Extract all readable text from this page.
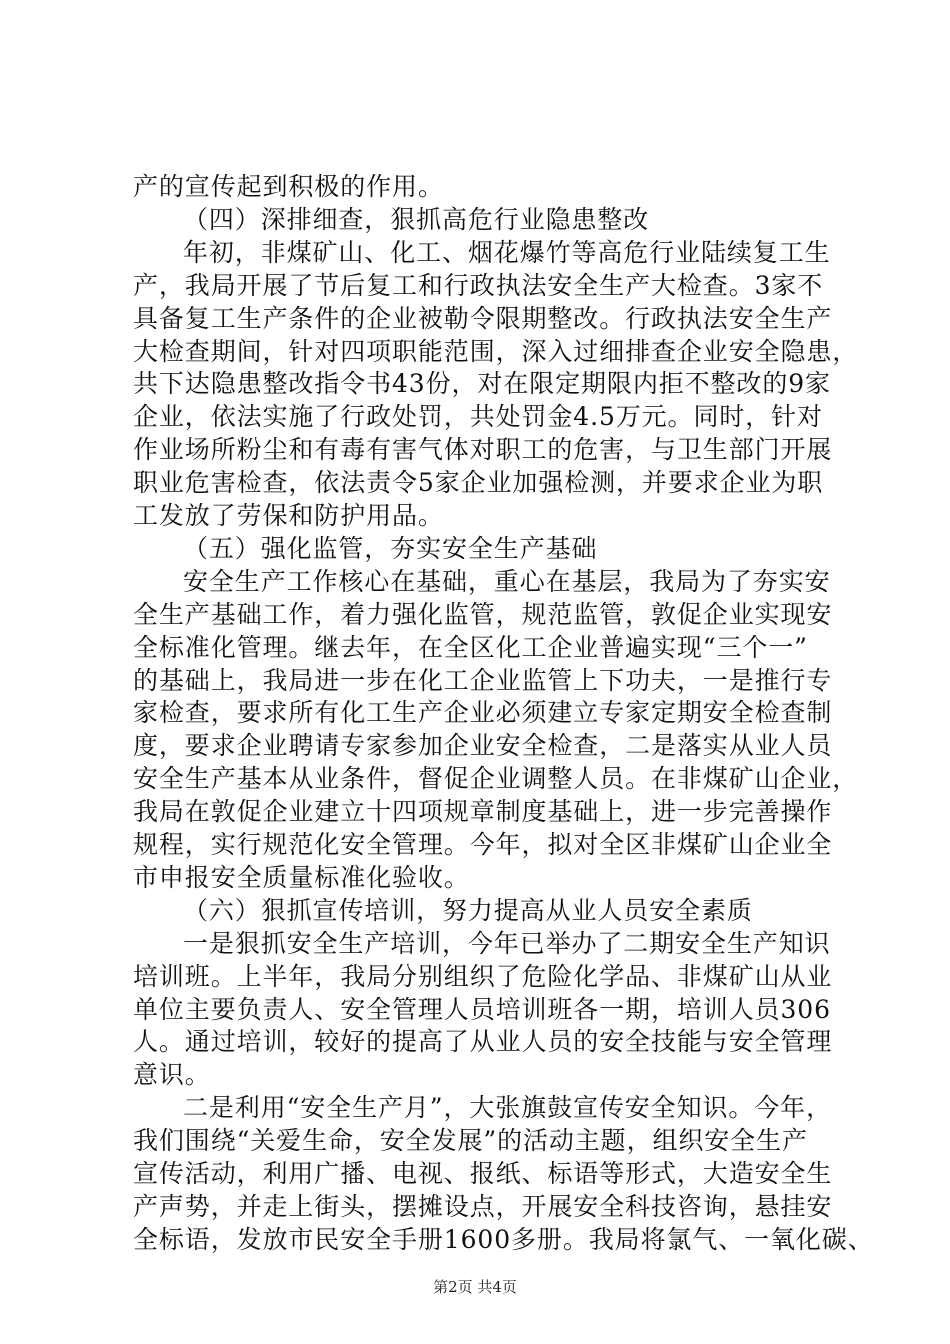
产的宣传起到积极的作用。
（四）深排细查，狠抓高危行业隐患整改
年初，非煤矿山、化工、烟花爆竹等高危行业陆续复工生
产，我局开展了节后复工和行政执法安全生产大检查。3家不
具备复工生产条件的企业被勒令限期整改。行政执法安全生产
大检查期间，针对四项职能范围，深入过细排查企业安全隐患，
共下达隐患整改指令书43份，对在限定期限内拒不整改的9家
企业，依法实施了行政处罚，共处罚金4.5万元。同时，针对
作业场所粉尘和有毒有害气体对职工的危害，与卫生部门开展
职业危害检查，依法责令5家企业加强检测，并要求企业为职
工发放了劳保和防护用品。
（五）强化监管，夯实安全生产基础
安全生产工作核心在基础，重心在基层，我局为了夯实安
全生产基础工作，着力强化监管，规范监管，敦促企业实现安
全标准化管理。继去年，在全区化工企业普遍实现“三个一”
的基础上，我局进一步在化工企业监管上下功夫，一是推行专
家检查，要求所有化工生产企业必须建立专家定期安全检查制
度，要求企业聘请专家参加企业安全检查，二是落实从业人员
安全生产基本从业条件，督促企业调整人员。在非煤矿山企业，
我局在敦促企业建立十四项规章制度基础上，进一步完善操作
规程，实行规范化安全管理。今年，拟对全区非煤矿山企业全
市申报安全质量标准化验收。
（六）狠抓宣传培训，努力提高从业人员安全素质
一是狠抓安全生产培训，今年已举办了二期安全生产知识
培训班。上半年，我局分别组织了危险化学品、非煤矿山从业
单位主要负责人、安全管理人员培训班各一期，培训人员306
人。通过培训，较好的提高了从业人员的安全技能与安全管理
意识。
二是利用“安全生产月”，大张旗鼓宣传安全知识。今年，
我们围绕“关爱生命，安全发展”的活动主题，组织安全生产
宣传活动，利用广播、电视、报纸、标语等形式，大造安全生
产声势，并走上街头，摆摊设点，开展安全科技咨询，悬挂安
第2页 共4页
全标语，发放市民安全手册1600多册。我局将氯气、一氧化碳、
